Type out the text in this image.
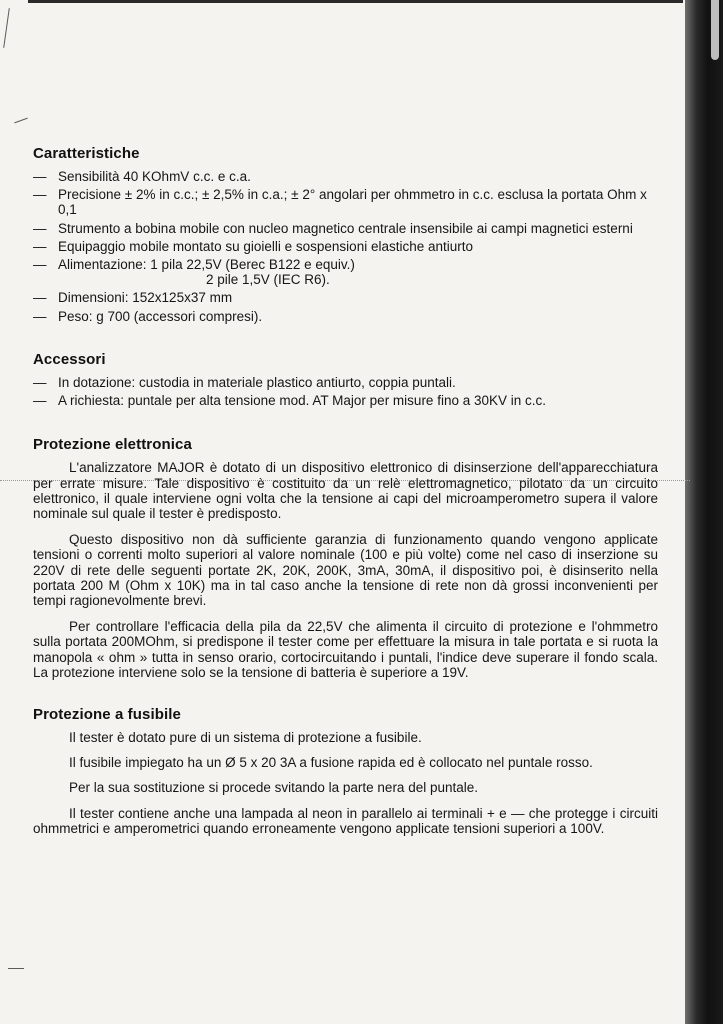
Caratteristiche
— Sensibilità 40 KOhmV c.c. e c.a.
— Precisione ± 2% in c.c.; ± 2,5% in c.a.; ± 2° angolari per ohmmetro in c.c. esclusa la portata Ohm x 0,1
— Strumento a bobina mobile con nucleo magnetico centrale insensibile ai campi magnetici esterni
— Equipaggio mobile montato su gioielli e sospensioni elastiche antiurto
— Alimentazione: 1 pila 22,5V (Berec B122 e equiv.)
2 pile 1,5V (IEC R6).
— Dimensioni: 152x125x37 mm
— Peso: g 700 (accessori compresi).
Accessori
— In dotazione: custodia in materiale plastico antiurto, coppia puntali.
— A richiesta: puntale per alta tensione mod. AT Major per misure fino a 30KV in c.c.
Protezione elettronica

L'analizzatore MAJOR è dotato di un dispositivo elettronico di disinserzione dell'apparecchiatura per errate misure. Tale dispositivo è costituito da un relè elettromagnetico, pilotato da un circuito elettronico, il quale interviene ogni volta che la tensione ai capi del microamperometro supera il valore nominale sul quale il tester è predisposto.

Questo dispositivo non dà sufficiente garanzia di funzionamento quando vengono applicate tensioni o correnti molto superiori al valore nominale (100 e più volte) come nel caso di inserzione su 220V di rete delle seguenti portate 2K, 20K, 200K, 3mA, 30mA, il dispositivo poi, è disinserito nella portata 200 M (Ohm x 10K) ma in tal caso anche la tensione di rete non dà grossi inconvenienti per tempi ragionevolmente brevi.

Per controllare l'efficacia della pila da 22,5V che alimenta il circuito di protezione e l'ohmmetro sulla portata 200MOhm, si predispone il tester come per effettuare la misura in tale portata e si ruota la manopola « ohm » tutta in senso orario, cortocircuitando i puntali, l'indice deve superare il fondo scala. La protezione interviene solo se la tensione di batteria è superiore a 19V.

Protezione a fusibile

Il tester è dotato pure di un sistema di protezione a fusibile.

Il fusibile impiegato ha un Ø 5 x 20 3A a fusione rapida ed è collocato nel puntale rosso.

Per la sua sostituzione si procede svitando la parte nera del puntale.

Il tester contiene anche una lampada al neon in parallelo ai terminali + e — che protegge i circuiti ohmmetrici e amperometrici quando erroneamente vengono applicate tensioni superiori a 100V.
